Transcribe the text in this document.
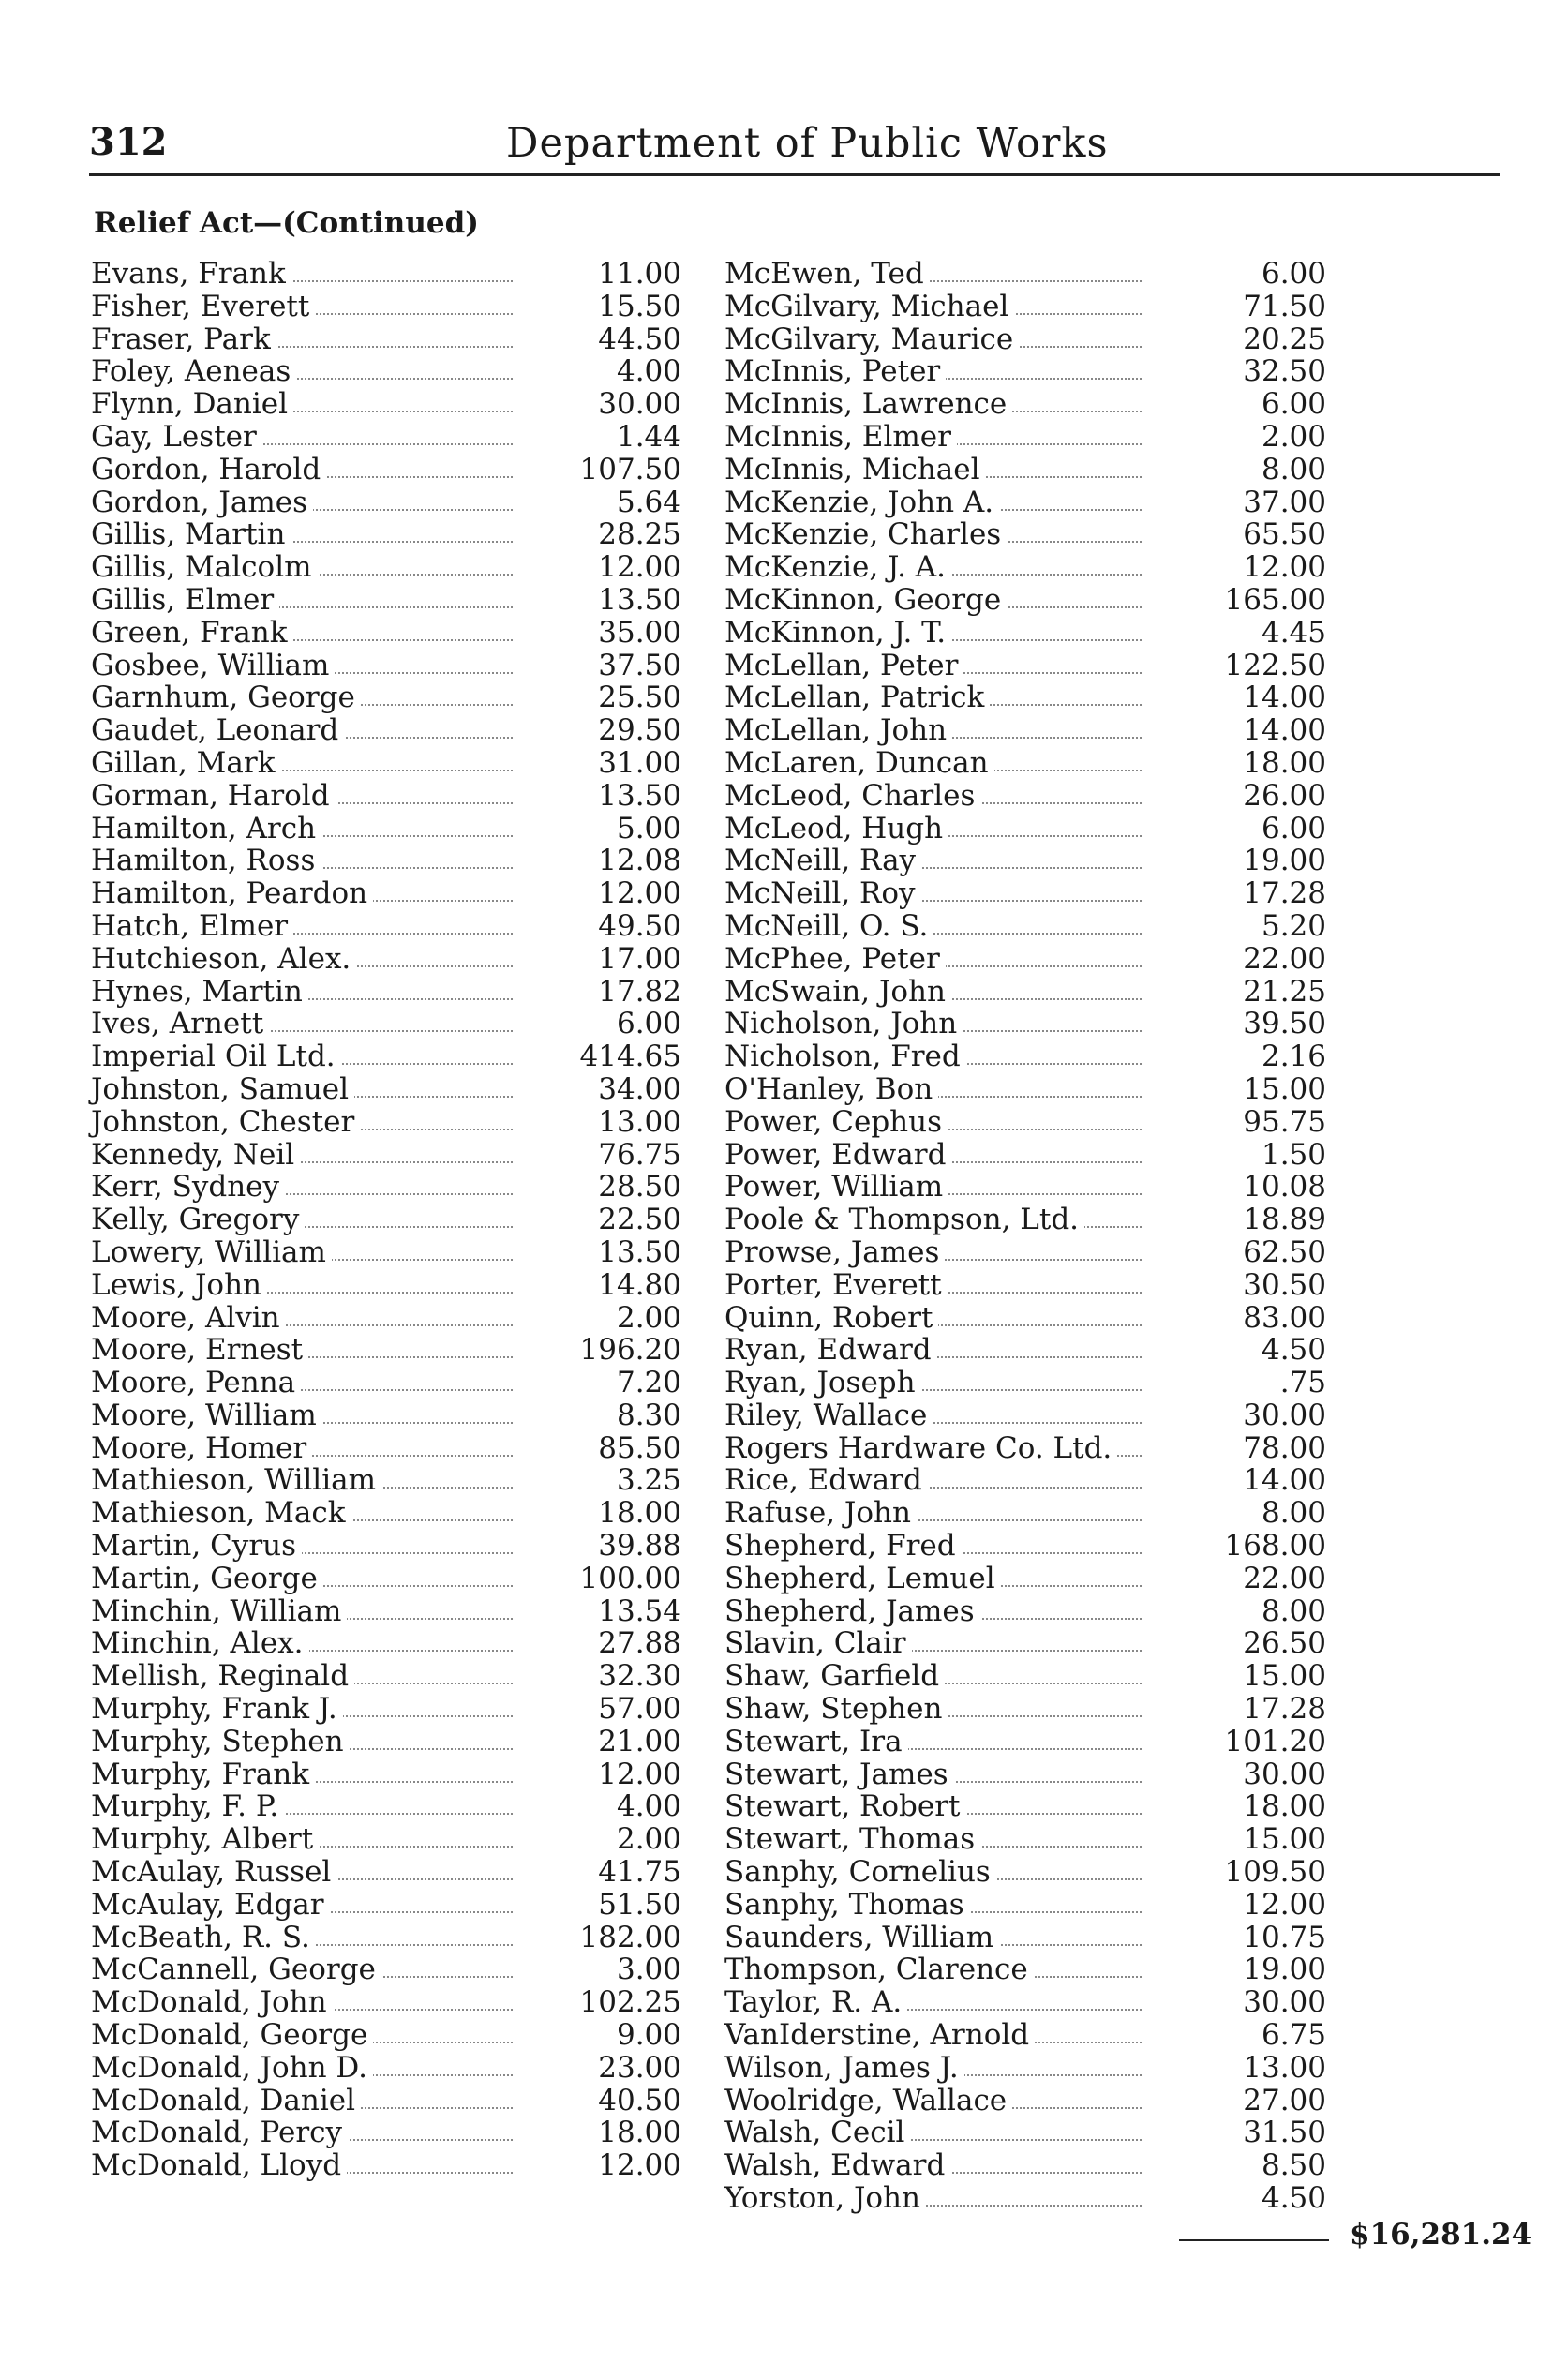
312	Department of Public Works
Relief Act—(Continued)
Evans, Frank	11.00
Fisher, Everett	15.50
Fraser, Park	44.50
Foley, Aeneas	4.00
Flynn, Daniel	30.00
Gay, Lester	1.44
Gordon, Harold	107.50
Gordon, James	5.64
Gillis, Martin	28.25
Gillis, Malcolm	12.00
Gillis, Elmer	13.50
Green, Frank	35.00
Gosbee, William	37.50
Garnhum, George	25.50
Gaudet, Leonard	29.50
Gillan, Mark	31.00
Gorman, Harold	13.50
Hamilton, Arch	5.00
Hamilton, Ross	12.08
Hamilton, Peardon	12.00
Hatch, Elmer	49.50
Hutchieson, Alex.	17.00
Hynes, Martin	17.82
Ives, Arnett	6.00
Imperial Oil Ltd.	414.65
Johnston, Samuel	34.00
Johnston, Chester	13.00
Kennedy, Neil	76.75
Kerr, Sydney	28.50
Kelly, Gregory	22.50
Lowery, William	13.50
Lewis, John	14.80
Moore, Alvin	2.00
Moore, Ernest	196.20
Moore, Penna	7.20
Moore, William	8.30
Moore, Homer	85.50
Mathieson, William	3.25
Mathieson, Mack	18.00
Martin, Cyrus	39.88
Martin, George	100.00
Minchin, William	13.54
Minchin, Alex.	27.88
Mellish, Reginald	32.30
Murphy, Frank J.	57.00
Murphy, Stephen	21.00
Murphy, Frank	12.00
Murphy, F. P.	4.00
Murphy, Albert	2.00
McAulay, Russel	41.75
McAulay, Edgar	51.50
McBeath, R. S.	182.00
McCannell, George	3.00
McDonald, John	102.25
McDonald, George	9.00
McDonald, John D.	23.00
McDonald, Daniel	40.50
McDonald, Percy	18.00
McDonald, Lloyd	12.00
McEwen, Ted	6.00
McGilvary, Michael	71.50
McGilvary, Maurice	20.25
McInnis, Peter	32.50
McInnis, Lawrence	6.00
McInnis, Elmer	2.00
McInnis, Michael	8.00
McKenzie, John A.	37.00
McKenzie, Charles	65.50
McKenzie, J. A.	12.00
McKinnon, George	165.00
McKinnon, J. T.	4.45
McLellan, Peter	122.50
McLellan, Patrick	14.00
McLellan, John	14.00
McLaren, Duncan	18.00
McLeod, Charles	26.00
McLeod, Hugh	6.00
McNeill, Ray	19.00
McNeill, Roy	17.28
McNeill, O. S.	5.20
McPhee, Peter	22.00
McSwain, John	21.25
Nicholson, John	39.50
Nicholson, Fred	2.16
O'Hanley, Bon	15.00
Power, Cephus	95.75
Power, Edward	1.50
Power, William	10.08
Poole & Thompson, Ltd.	18.89
Prowse, James	62.50
Porter, Everett	30.50
Quinn, Robert	83.00
Ryan, Edward	4.50
Ryan, Joseph	.75
Riley, Wallace	30.00
Rogers Hardware Co. Ltd.	78.00
Rice, Edward	14.00
Rafuse, John	8.00
Shepherd, Fred	168.00
Shepherd, Lemuel	22.00
Shepherd, James	8.00
Slavin, Clair	26.50
Shaw, Garfield	15.00
Shaw, Stephen	17.28
Stewart, Ira	101.20
Stewart, James	30.00
Stewart, Robert	18.00
Stewart, Thomas	15.00
Sanphy, Cornelius	109.50
Sanphy, Thomas	12.00
Saunders, William	10.75
Thompson, Clarence	19.00
Taylor, R. A.	30.00
VanIderstine, Arnold	6.75
Wilson, James J.	13.00
Woolridge, Wallace	27.00
Walsh, Cecil	31.50
Walsh, Edward	8.50
Yorston, John	4.50
$16,281.24
